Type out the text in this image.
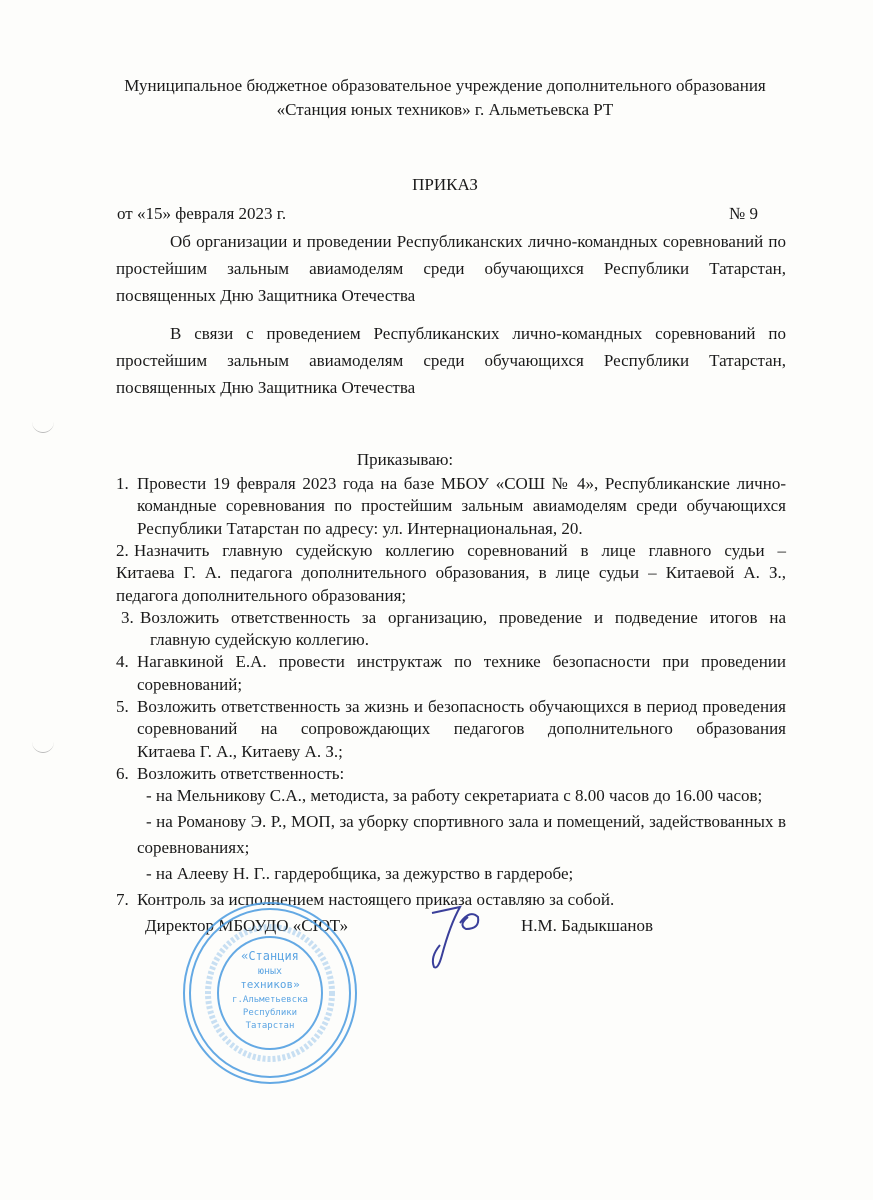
Муниципальное бюджетное образовательное учреждение дополнительного образования
«Станция юных техников» г. Альметьевска РТ
ПРИКАЗ
от «15» февраля 2023 г.	№ 9
Об организации и проведении Республиканских лично-командных соревнований по
простейшим зальным авиамоделям среди обучающихся Республики Татарстан,
посвященных Дню Защитника Отечества
В связи с проведением Республиканских лично-командных соревнований по
простейшим зальным авиамоделям среди обучающихся Республики Татарстан,
посвященных Дню Защитника Отечества
Приказываю:
1. Провести 19 февраля 2023 года на базе МБОУ «СОШ № 4», Республиканские лично-
командные соревнования по простейшим зальным авиамоделям среди обучающихся
Республики Татарстан по адресу: ул. Интернациональная, 20.
2. Назначить главную судейскую коллегию соревнований в лице главного судьи –
Китаева Г. А. педагога дополнительного образования, в лице судьи – Китаевой А. З.,
педагога дополнительного образования;
3. Возложить ответственность за организацию, проведение и подведение итогов на
главную судейскую коллегию.
4. Нагавкиной Е.А. провести инструктаж по технике безопасности при проведении
соревнований;
5. Возложить ответственность за жизнь и безопасность обучающихся в период проведения
соревнований на сопровождающих педагогов дополнительного образования
Китаева Г. А., Китаеву А. З.;
6. Возложить ответственность:
- на Мельникову С.А., методиста, за работу секретариата с 8.00 часов до 16.00 часов;
- на Романову Э. Р., МОП, за уборку спортивного зала и помещений, задействованных в
соревнованиях;
- на Алееву Н. Г.. гардеробщика, за дежурство в гардеробе;
7. Контроль за исполнением настоящего приказа оставляю за собой.
Директор МБОУДО «СЮТ»	Н.М. Бадыкшанов
«Станция
юных
техников»
г.Альметьевска
Республики
Татарстан
